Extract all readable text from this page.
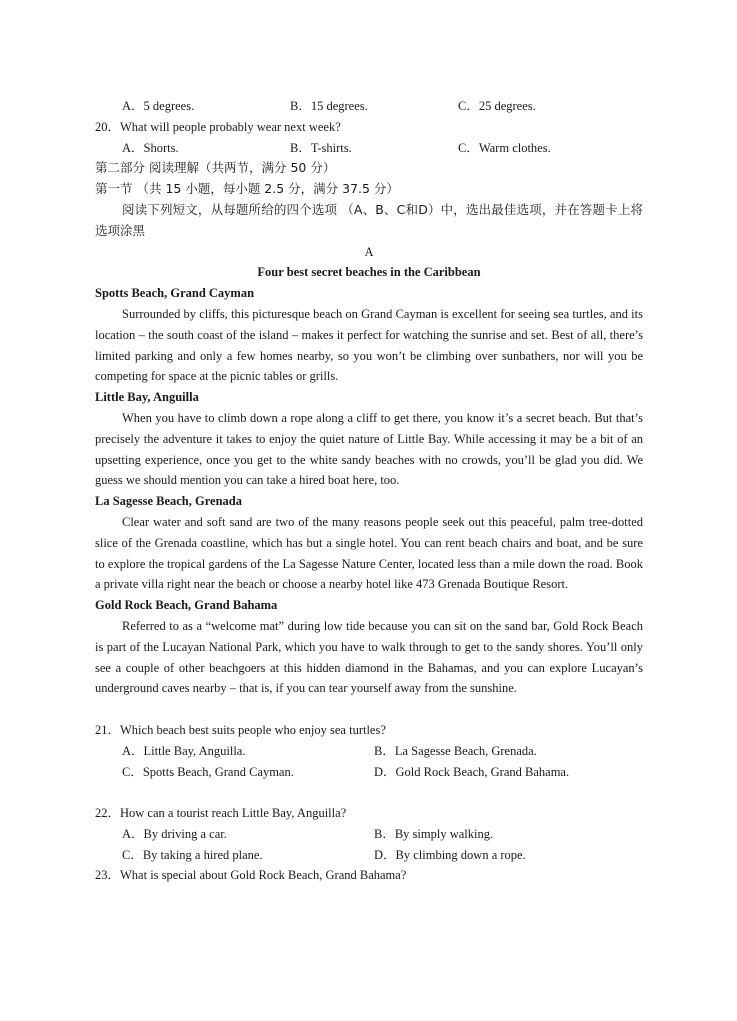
A．5 degrees.	B．15 degrees.	C．25 degrees.
20．What will people probably wear next week?
A．Shorts.	B．T-shirts.	C．Warm clothes.
第二部分 阅读理解（共两节，满分 50 分）
第一节 （共 15 小题，每小题 2.5 分，满分 37.5 分）

阅读下列短文，从每题所给的四个选项 （A、B、C和D）中，选出最佳选项，并在答题卡上将选项涂黑

A
Four best secret beaches in the Caribbean
Spotts Beach, Grand Cayman

Surrounded by cliffs, this picturesque beach on Grand Cayman is excellent for seeing sea turtles, and its location – the south coast of the island – makes it perfect for watching the sunrise and set. Best of all, there’s limited parking and only a few homes nearby, so you won’t be climbing over sunbathers, nor will you be competing for space at the picnic tables or grills.

Little Bay, Anguilla

When you have to climb down a rope along a cliff to get there, you know it’s a secret beach. But that’s precisely the adventure it takes to enjoy the quiet nature of Little Bay. While accessing it may be a bit of an upsetting experience, once you get to the white sandy beaches with no crowds, you’ll be glad you did. We guess we should mention you can take a hired boat here, too.

La Sagesse Beach, Grenada

Clear water and soft sand are two of the many reasons people seek out this peaceful, palm tree-dotted slice of the Grenada coastline, which has but a single hotel. You can rent beach chairs and boat, and be sure to explore the tropical gardens of the La Sagesse Nature Center, located less than a mile down the road. Book a private villa right near the beach or choose a nearby hotel like 473 Grenada Boutique Resort.

Gold Rock Beach, Grand Bahama

Referred to as a “welcome mat” during low tide because you can sit on the sand bar, Gold Rock Beach is part of the Lucayan National Park, which you have to walk through to get to the sandy shores. You’ll only see a couple of other beachgoers at this hidden diamond in the Bahamas, and you can explore Lucayan’s underground caves nearby – that is, if you can tear yourself away from the sunshine.

21．Which beach best suits people who enjoy sea turtles?
A．Little Bay, Anguilla.	B．La Sagesse Beach, Grenada.
C．Spotts Beach, Grand Cayman.	D．Gold Rock Beach, Grand Bahama.
22．How can a tourist reach Little Bay, Anguilla?
A．By driving a car.	B．By simply walking.
C．By taking a hired plane.	D．By climbing down a rope.
23．What is special about Gold Rock Beach, Grand Bahama?
